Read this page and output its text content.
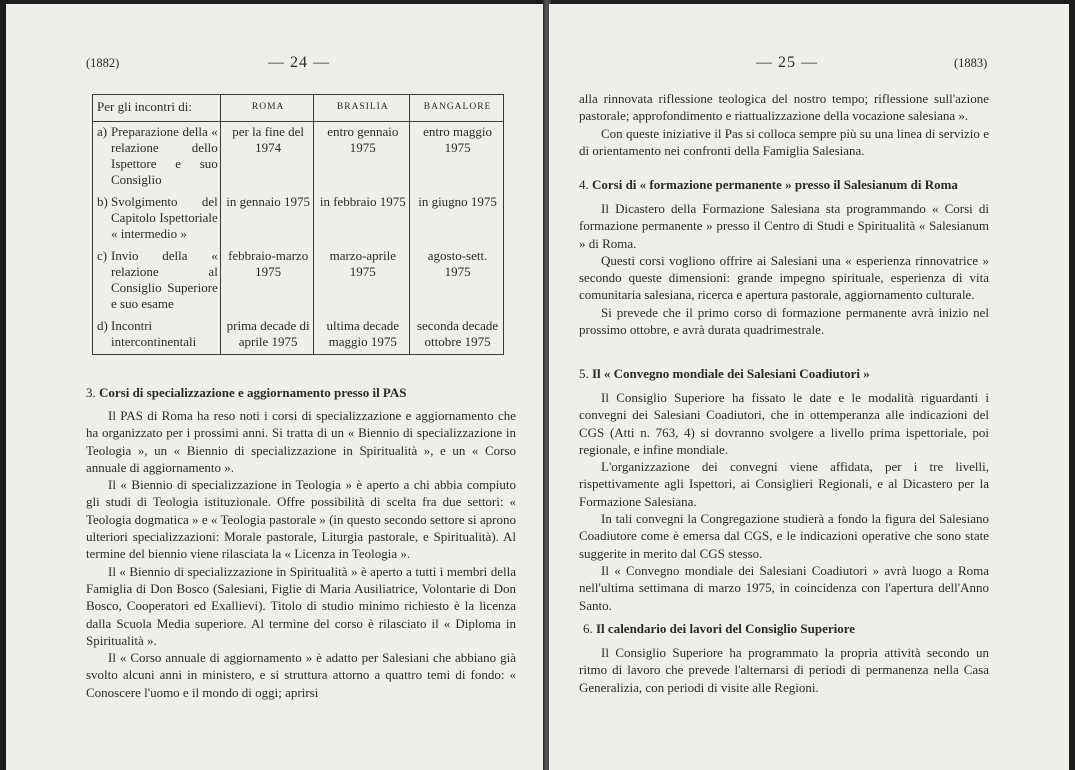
(1882)	— 24 —
Per gli incontri di:	ROMA	BRASILIA	BANGALORE

a) Preparazione della « relazione dello Ispettore e suo Consiglio	per la fine del 1974	entro gennaio 1975	entro maggio 1975

b) Svolgimento del Capitolo Ispettoriale « intermedio »	in gennaio 1975	in febbraio 1975	in giugno 1975

c) Invio della « relazione al Consiglio Superiore e suo esame	febbraio-marzo 1975	marzo-aprile 1975	agosto-sett. 1975

d) Incontri intercontinentali	prima decade di aprile 1975	ultima decade maggio 1975	seconda decade ottobre 1975
3. Corsi di specializzazione e aggiornamento presso il PAS

Il PAS di Roma ha reso noti i corsi di specializzazione e aggiornamento che ha organizzato per i prossimi anni. Si tratta di un « Biennio di specializzazione in Teologia », un « Biennio di specializzazione in Spiritualità », e un « Corso annuale di aggiornamento ».

Il « Biennio di specializzazione in Teologia » è aperto a chi abbia compiuto gli studi di Teologia istituzionale. Offre possibilità di scelta fra due settori: « Teologia dogmatica » e « Teologia pastorale » (in questo secondo settore si aprono ulteriori specializzazioni: Morale pastorale, Liturgia pastorale, e Spiritualità). Al termine del biennio viene rilasciata la « Licenza in Teologia ».

Il « Biennio di specializzazione in Spiritualità » è aperto a tutti i membri della Famiglia di Don Bosco (Salesiani, Figlie di Maria Ausiliatrice, Volontarie di Don Bosco, Cooperatori ed Exallievi). Titolo di studio minimo richiesto è la licenza dalla Scuola Media superiore. Al termine del corso è rilasciato il « Diploma in Spiritualità ».

Il « Corso annuale di aggiornamento » è adatto per Salesiani che abbiano già svolto alcuni anni in ministero, e si struttura attorno a quattro temi di fondo: « Conoscere l'uomo e il mondo di oggi; aprirsi

— 25 —	(1883)

alla rinnovata riflessione teologica del nostro tempo; riflessione sull'azione pastorale; approfondimento e riattualizzazione della vocazione salesiana ».

Con queste iniziative il Pas si colloca sempre più su una linea di servizio e di orientamento nei confronti della Famiglia Salesiana.

4. Corsi di « formazione permanente » presso il Salesianum di Roma

Il Dicastero della Formazione Salesiana sta programmando « Corsi di formazione permanente » presso il Centro di Studi e Spiritualità « Salesianum » di Roma.

Questi corsi vogliono offrire ai Salesiani una « esperienza rinnovatrice » secondo queste dimensioni: grande impegno spirituale, esperienza di vita comunitaria salesiana, ricerca e apertura pastorale, aggiornamento culturale.

Si prevede che il primo corso di formazione permanente avrà inizio nel prossimo ottobre, e avrà durata quadrimestrale.

5. Il « Convegno mondiale dei Salesiani Coadiutori »

Il Consiglio Superiore ha fissato le date e le modalità riguardanti i convegni dei Salesiani Coadiutori, che in ottemperanza alle indicazioni del CGS (Atti n. 763, 4) si dovranno svolgere a livello prima ispettoriale, poi regionale, e infine mondiale.

L'organizzazione dei convegni viene affidata, per i tre livelli, rispettivamente agli Ispettori, ai Consiglieri Regionali, e al Dicastero per la Formazione Salesiana.

In tali convegni la Congregazione studierà a fondo la figura del Salesiano Coadiutore come è emersa dal CGS, e le indicazioni operative che sono state suggerite in merito dal CGS stesso.

Il « Convegno mondiale dei Salesiani Coadiutori » avrà luogo a Roma nell'ultima settimana di marzo 1975, in coincidenza con l'apertura dell'Anno Santo.

6. Il calendario dei lavori del Consiglio Superiore

Il Consiglio Superiore ha programmato la propria attività secondo un ritmo di lavoro che prevede l'alternarsi di periodi di permanenza nella Casa Generalizia, con periodi di visite alle Regioni.
